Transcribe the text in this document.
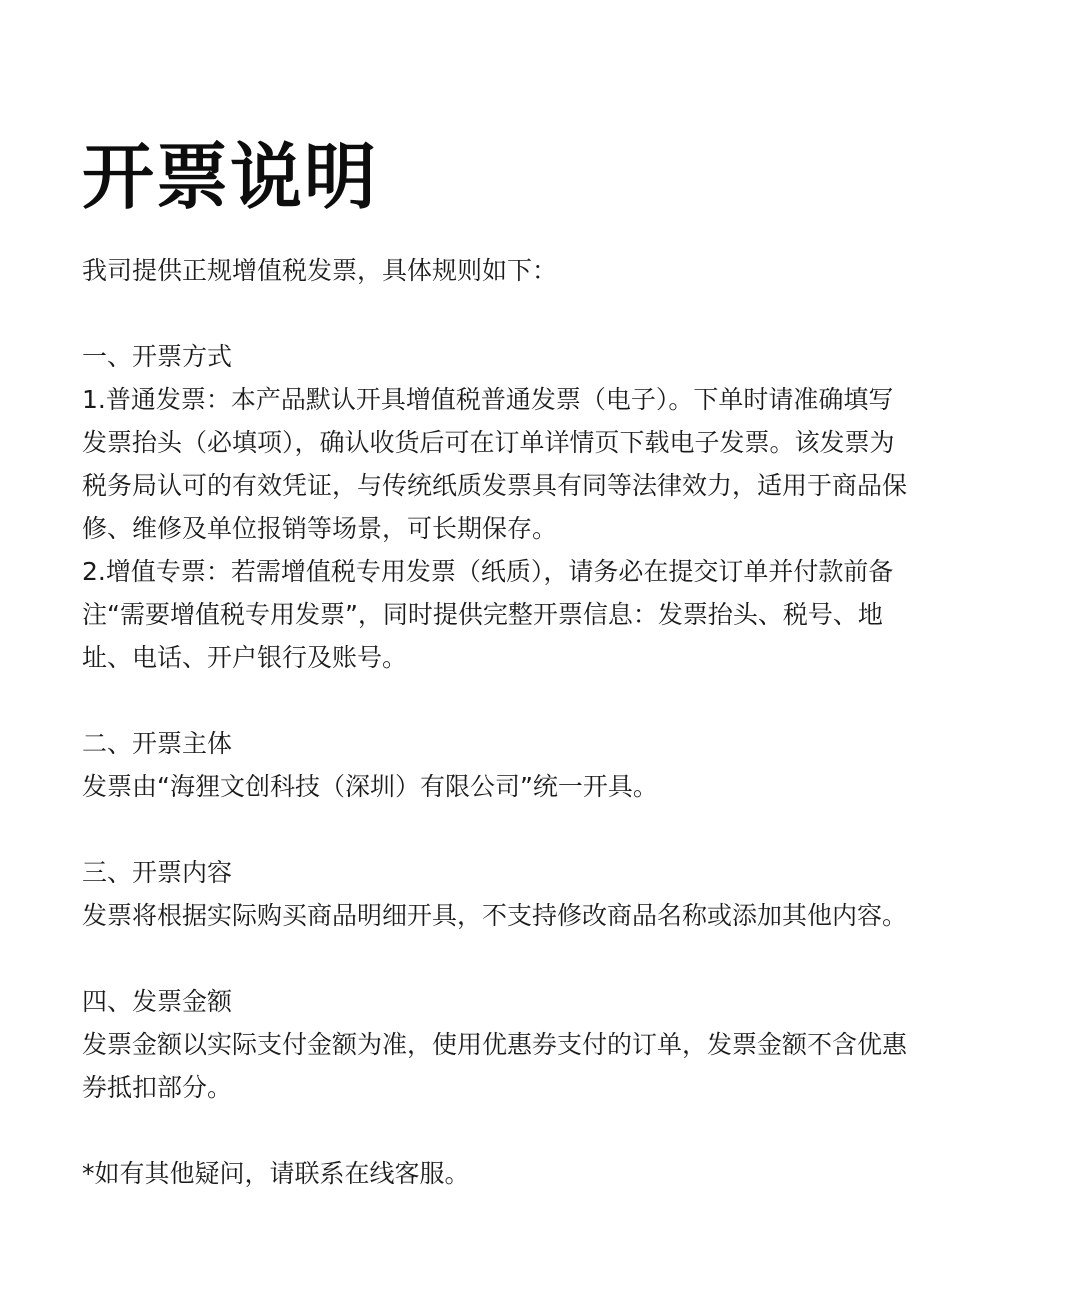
开票说明

我司提供正规增值税发票，具体规则如下：

一、开票方式

1.普通发票：本产品默认开具增值税普通发票（电子）。下单时请准确填写

发票抬头（必填项），确认收货后可在订单详情页下载电子发票。该发票为

税务局认可的有效凭证，与传统纸质发票具有同等法律效力，适用于商品保

修、维修及单位报销等场景，可长期保存。

2.增值专票：若需增值税专用发票（纸质），请务必在提交订单并付款前备

注“需要增值税专用发票”，同时提供完整开票信息：发票抬头、税号、地

址、电话、开户银行及账号。

二、开票主体

发票由“海狸文创科技（深圳）有限公司”统一开具。

三、开票内容

发票将根据实际购买商品明细开具，不支持修改商品名称或添加其他内容。

四、发票金额

发票金额以实际支付金额为准，使用优惠券支付的订单，发票金额不含优惠

券抵扣部分。

*如有其他疑问，请联系在线客服。
